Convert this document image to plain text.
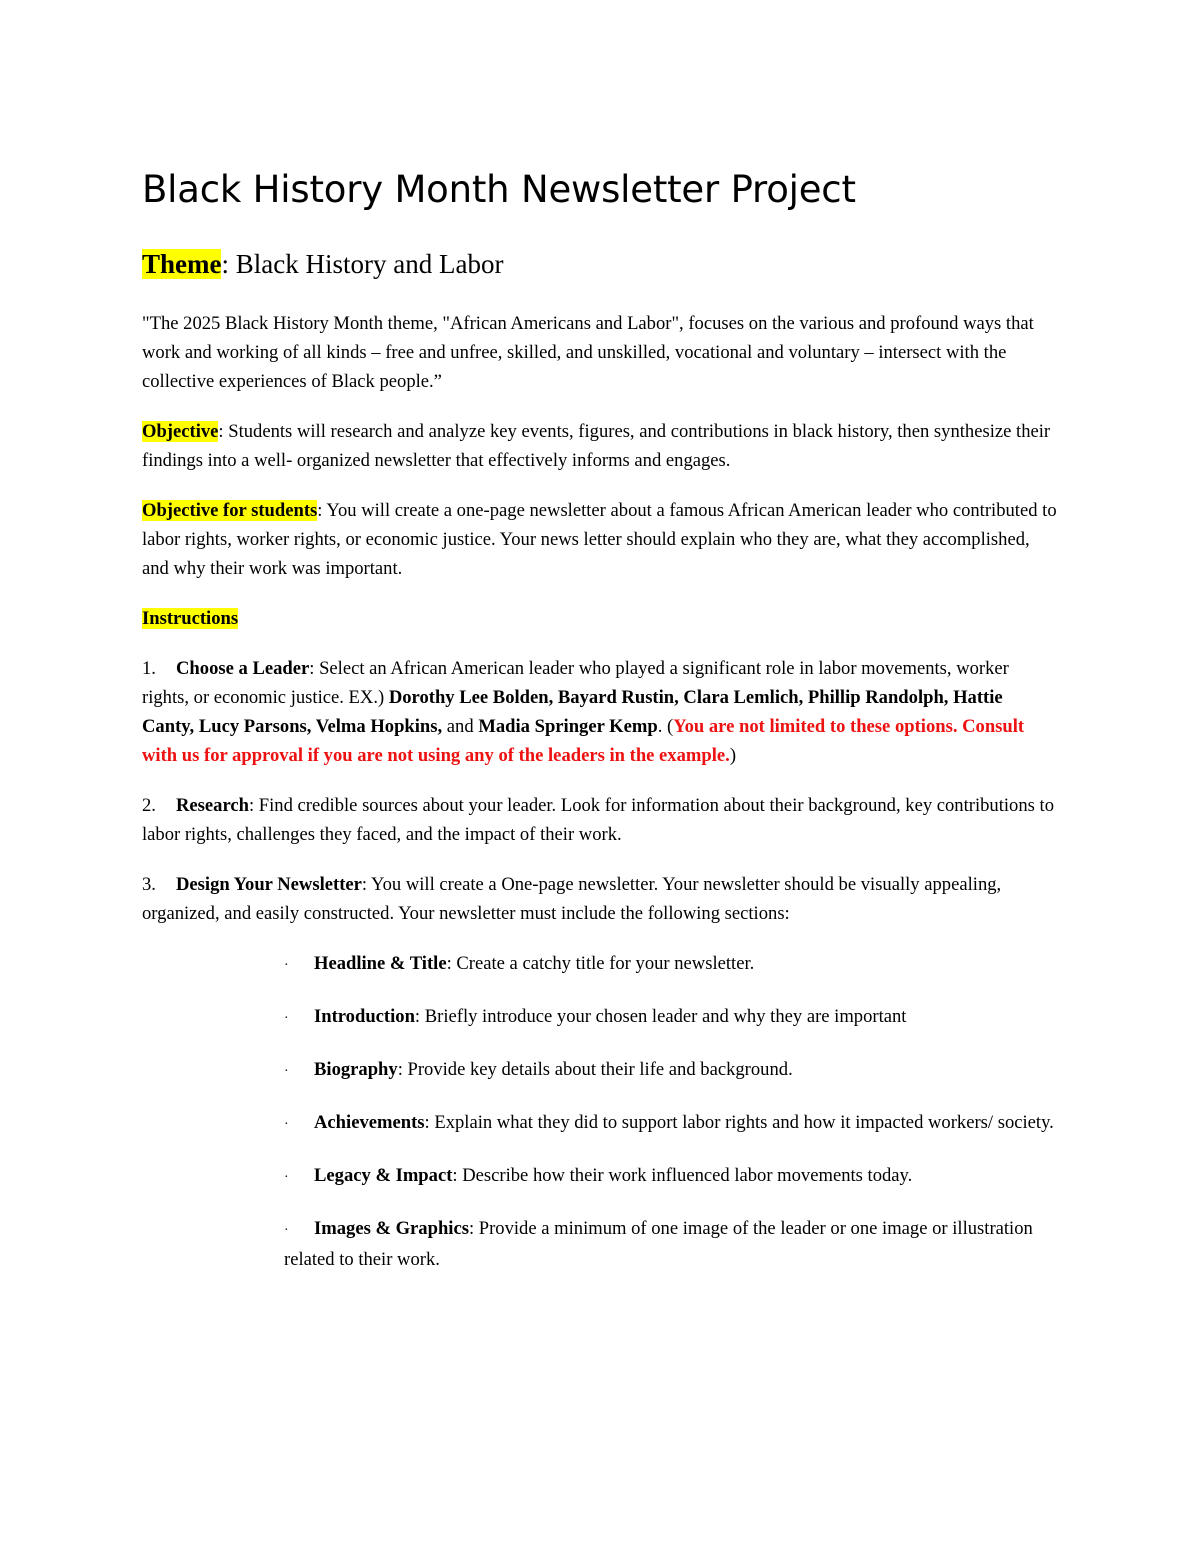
Black History Month Newsletter Project
Theme: Black History and Labor

"The 2025 Black History Month theme, "African Americans and Labor", focuses on the various and profound ways that work and working of all kinds – free and unfree, skilled, and unskilled, vocational and voluntary – intersect with the collective experiences of Black people.”

Objective: Students will research and analyze key events, figures, and contributions in black history, then synthesize their findings into a well- organized newsletter that effectively informs and engages.

Objective for students: You will create a one-page newsletter about a famous African American leader who contributed to labor rights, worker rights, or economic justice. Your news letter should explain who they are, what they accomplished, and why their work was important.

Instructions

1. Choose a Leader: Select an African American leader who played a significant role in labor movements, worker rights, or economic justice. EX.) Dorothy Lee Bolden, Bayard Rustin, Clara Lemlich, Phillip Randolph, Hattie Canty, Lucy Parsons, Velma Hopkins, and Madia Springer Kemp. (You are not limited to these options. Consult with us for approval if you are not using any of the leaders in the example.)

2. Research: Find credible sources about your leader. Look for information about their background, key contributions to labor rights, challenges they faced, and the impact of their work.

3. Design Your Newsletter: You will create a One-page newsletter. Your newsletter should be visually appealing, organized, and easily constructed. Your newsletter must include the following sections:

· Headline & Title: Create a catchy title for your newsletter.
· Introduction: Briefly introduce your chosen leader and why they are important
· Biography: Provide key details about their life and background.
· Achievements: Explain what they did to support labor rights and how it impacted workers/ society.
· Legacy & Impact: Describe how their work influenced labor movements today.
· Images & Graphics: Provide a minimum of one image of the leader or one image or illustration related to their work.
